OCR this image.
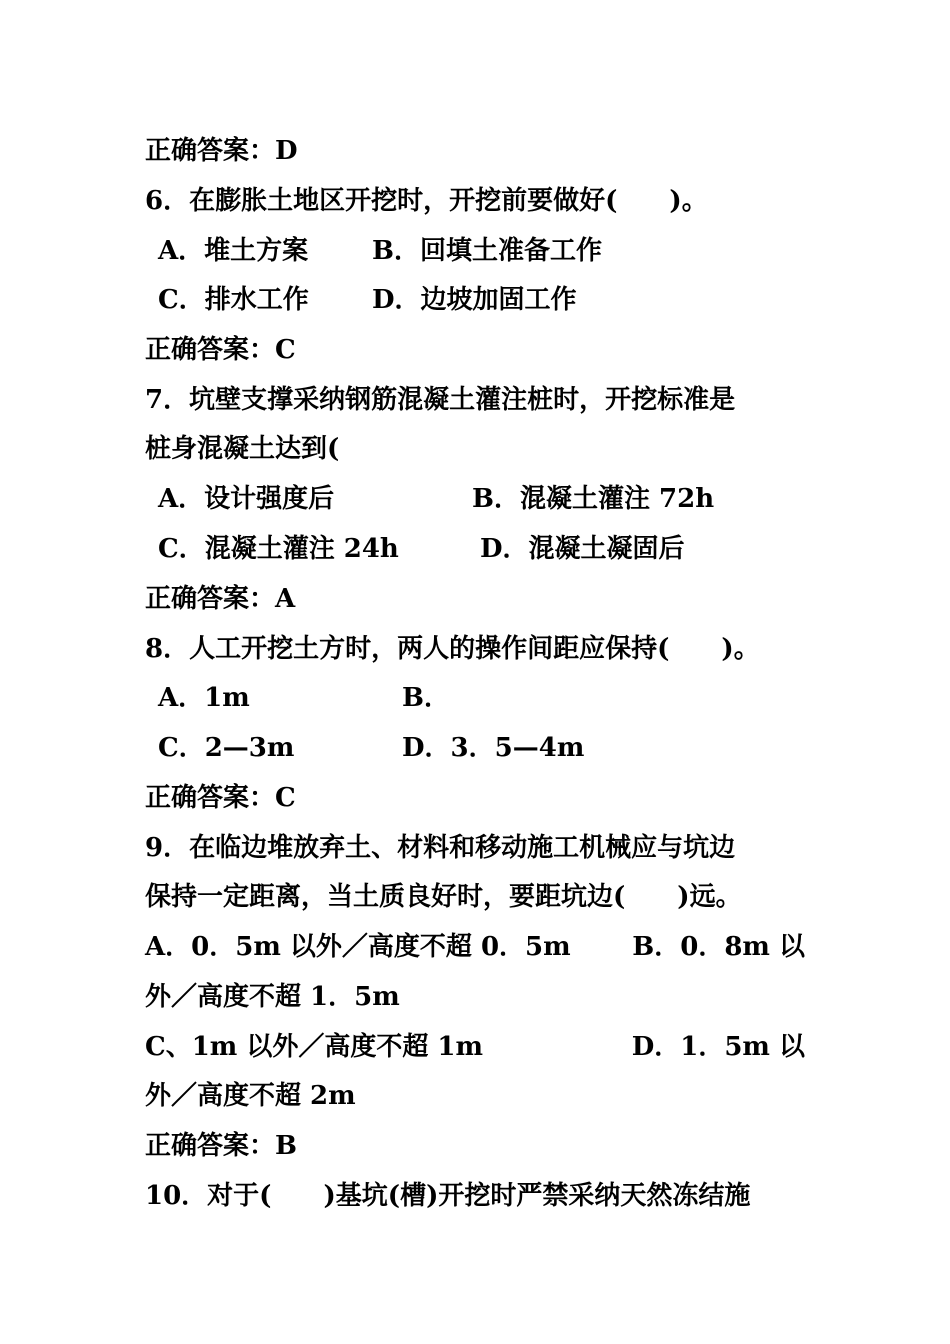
正确答案：D
6．在膨胀土地区开挖时，开挖前要做好(　　)。
A．堆土方案 B．回填土准备工作
C．排水工作 D．边坡加固工作
正确答案：C
7．坑壁支撑采纳钢筋混凝土灌注桩时，开挖标准是
桩身混凝土达到(
A．设计强度后	B．混凝土灌注 72h
C．混凝土灌注 24h	D．混凝土凝固后
正确答案：A
8．人工开挖土方时，两人的操作间距应保持(　　)。
A．1m	B．
C．2—3m	D．3．5—4m
正确答案：C
9．在临边堆放弃土、材料和移动施工机械应与坑边
保持一定距离，当土质良好时，要距坑边(　　)远。
A．0．5m 以外／高度不超 0．5m B．0．8m 以
外／高度不超 1．5m
C、1m 以外／高度不超 1m	D．1．5m 以
外／高度不超 2m
正确答案：B
10．对于(　　)基坑(槽)开挖时严禁采纳天然冻结施
